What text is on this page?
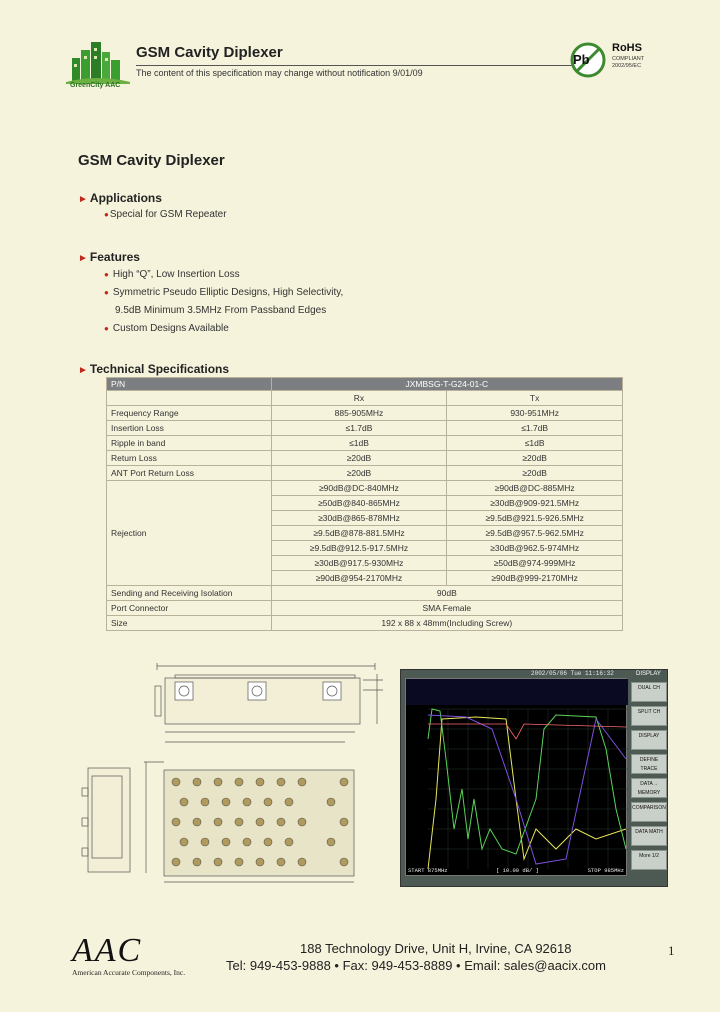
GreenCity AAC
GSM Cavity Diplexer
The content of this specification may change without notification 9/01/09
Pb
RoHS
COMPLIANT
2002/95/EC
GSM Cavity Diplexer
► Applications
●Special for GSM Repeater
► Features
● High “Q”, Low Insertion Loss
● Symmetric Pseudo Elliptic Designs, High Selectivity,
9.5dB Minimum 3.5MHz From Passband Edges
● Custom Designs Available
► Technical Specifications
P/N	JXMBSG-T-G24-01-C	
	Rx	Tx
Frequency Range	885-905MHz	930-951MHz
Insertion Loss	≤1.7dB	≤1.7dB
Ripple in band	≤1dB	≤1dB
Return Loss	≥20dB	≥20dB
ANT Port Return Loss	≥20dB	≥20dB
Rejection	≥90dB@DC-840MHz	≥90dB@DC-885MHz
	≥50dB@840-865MHz	≥30dB@909-921.5MHz
	≥30dB@865-878MHz	≥9.5dB@921.5-926.5MHz
	≥9.5dB@878-881.5MHz	≥9.5dB@957.5-962.5MHz
	≥9.5dB@912.5-917.5MHz	≥30dB@962.5-974MHz
	≥30dB@917.5-930MHz	≥50dB@974-999MHz
	≥90dB@954-2170MHz	≥90dB@999-2170MHz
Sending and Receiving Isolation	90dB	
Port Connector	SMA Female	
Size	192 x 88 x 48mm(Including Screw)	
2002/05/06 Tue 11:16:32
START 875MHz	[ 10.00 dB/ ]	STOP 985MHz
DISPLAY
DUAL CH
SPLIT CH
DISPLAY
DEFINE TRACE
DATA→ MEMORY
COMPARISON
DATA MATH
More 1/2
AAC
American Accurate Components, Inc.
188 Technology Drive, Unit H, Irvine, CA 92618
Tel: 949-453-9888 • Fax: 949-453-8889 • Email: sales@aacix.com
1
